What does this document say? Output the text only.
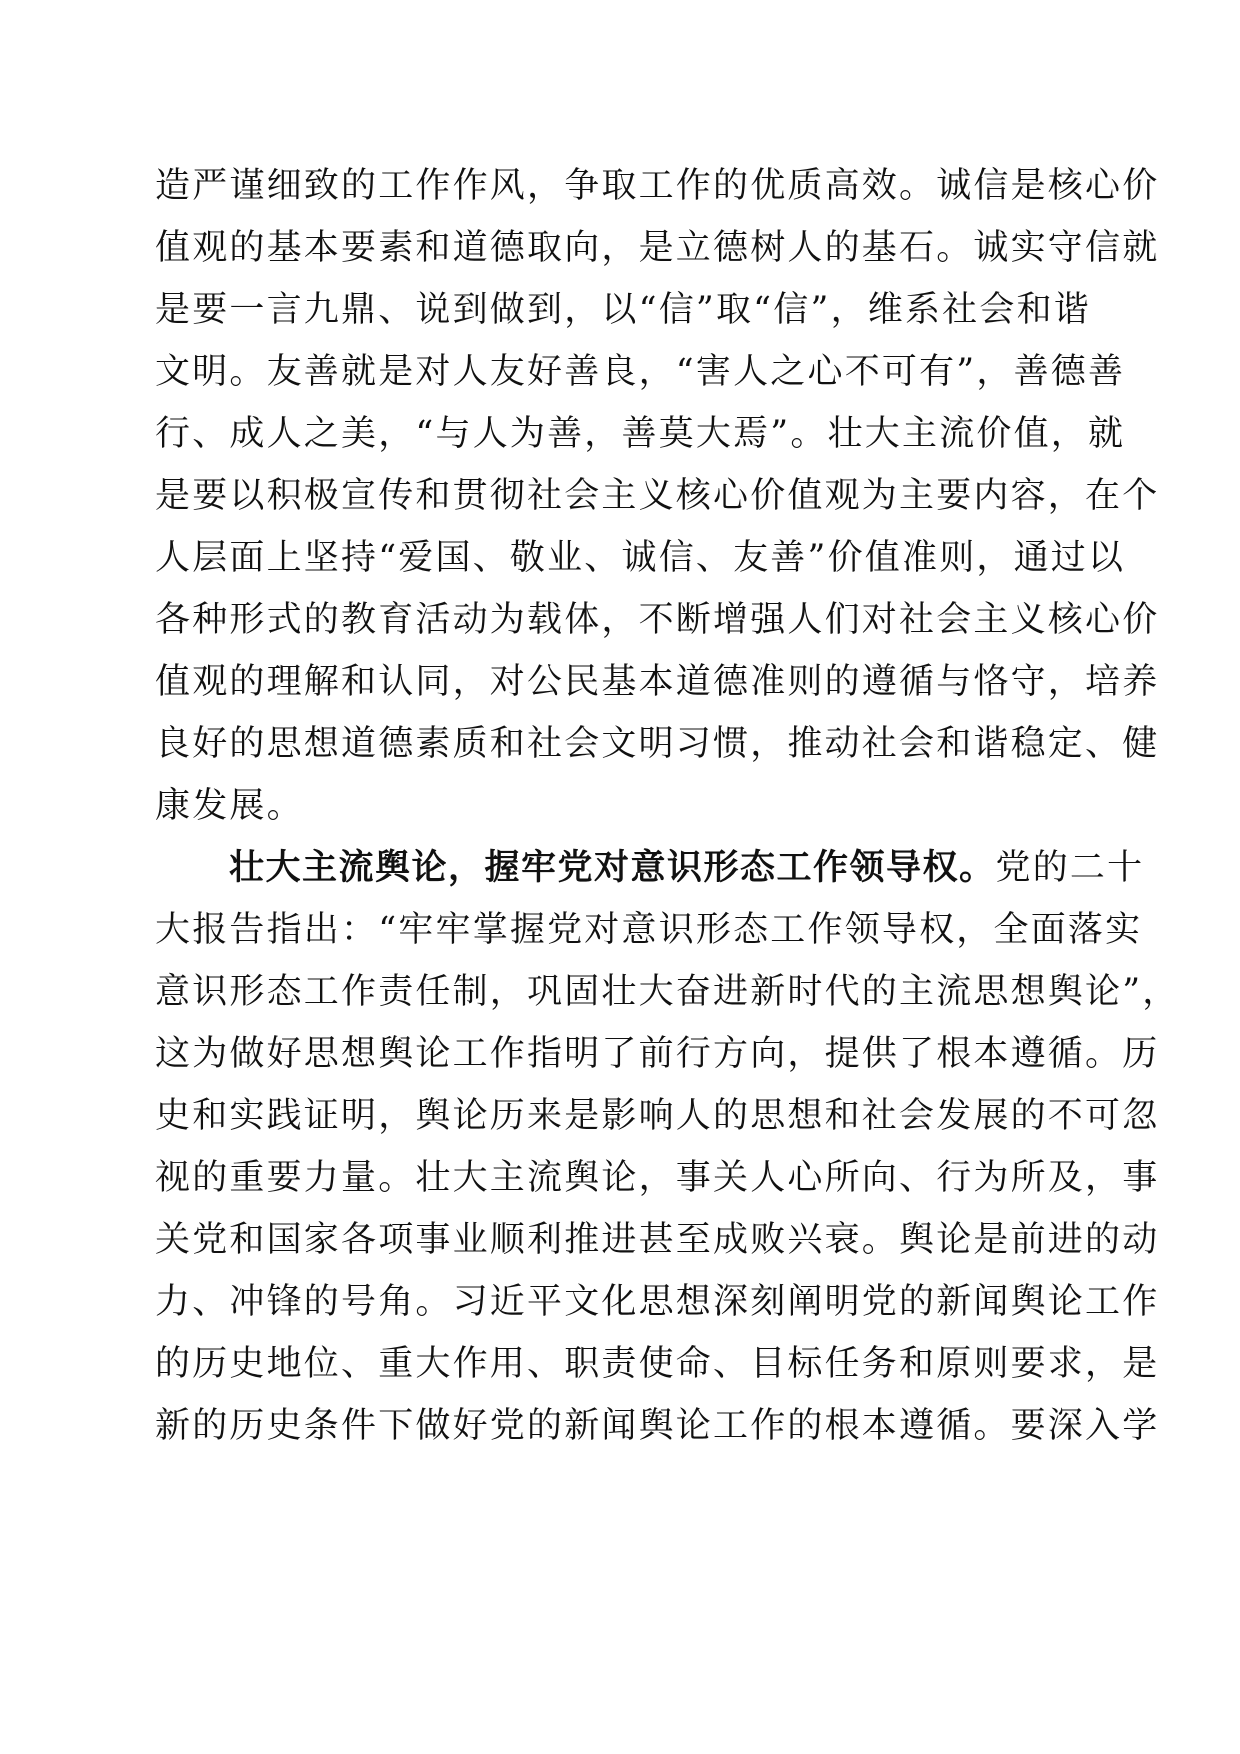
造严谨细致的工作作风，争取工作的优质高效。诚信是核心价
值观的基本要素和道德取向，是立德树人的基石。诚实守信就
是要一言九鼎、说到做到，以“信”取“信”，维系社会和谐
文明。友善就是对人友好善良，“害人之心不可有”，善德善
行、成人之美，“与人为善，善莫大焉”。壮大主流价值，就
是要以积极宣传和贯彻社会主义核心价值观为主要内容，在个
人层面上坚持“爱国、敬业、诚信、友善”价值准则，通过以
各种形式的教育活动为载体，不断增强人们对社会主义核心价
值观的理解和认同，对公民基本道德准则的遵循与恪守，培养
良好的思想道德素质和社会文明习惯，推动社会和谐稳定、健
康发展。
壮大主流舆论，握牢党对意识形态工作领导权。党的二十
大报告指出：“牢牢掌握党对意识形态工作领导权，全面落实
意识形态工作责任制，巩固壮大奋进新时代的主流思想舆论”，
这为做好思想舆论工作指明了前行方向，提供了根本遵循。历
史和实践证明，舆论历来是影响人的思想和社会发展的不可忽
视的重要力量。壮大主流舆论，事关人心所向、行为所及，事
关党和国家各项事业顺利推进甚至成败兴衰。舆论是前进的动
力、冲锋的号角。习近平文化思想深刻阐明党的新闻舆论工作
的历史地位、重大作用、职责使命、目标任务和原则要求，是
新的历史条件下做好党的新闻舆论工作的根本遵循。要深入学
